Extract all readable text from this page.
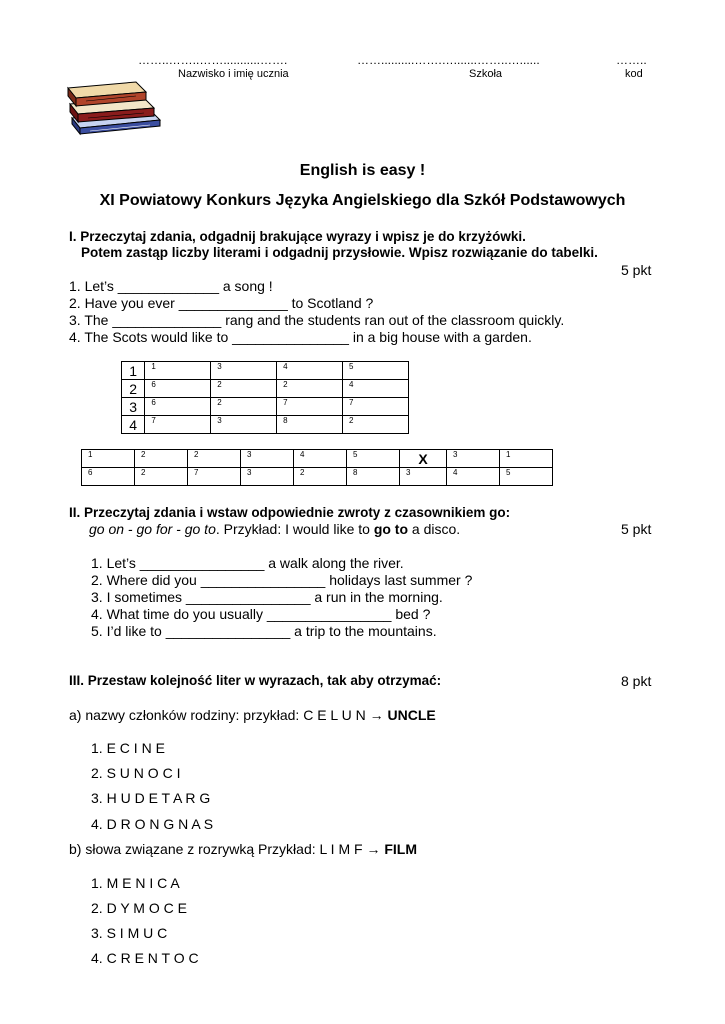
……..……..……...........…….	……..........…….….......……..…......	……..
Nazwisko i imię ucznia	Szkoła	kod
English is easy !
XI Powiatowy Konkurs Języka Angielskiego dla Szkół Podstawowych
I. Przeczytaj zdania, odgadnij brakujące wyrazy i wpisz je do krzyżówki.
Potem zastąp liczby literami i odgadnij przysłowie. Wpisz rozwiązanie do tabelki.
5 pkt
1. Let’s _____________ a song !
2. Have you ever ______________ to Scotland ?
3. The ______________ rang and the students ran out of the classroom quickly.
4. The Scots would like to _______________ in a big house with a garden.
1	1	3	4	5
2	6	2	2	4
3	6	2	7	7
4	7	3	8	2
1	2	2	3	4	5	X	3	1
6	2	7	3	2	8	3	4	5
II. Przeczytaj zdania i wstaw odpowiednie zwroty z czasownikiem go:
go on - go for - go to. Przykład: I would like to go to a disco.	5 pkt
1. Let’s ________________ a walk along the river.
2. Where did you ________________ holidays last summer ?
3. I sometimes ________________ a run in the morning.
4. What time do you usually ________________ bed ?
5. I’d like to ________________ a trip to the mountains.
III. Przestaw kolejność liter w wyrazach, tak aby otrzymać:	8 pkt
a) nazwy członków rodziny: przykład: C E L U N → UNCLE
1. E C I N E
2. S U N O C I
3. H U D E T A R G
4. D R O N G N A S
b) słowa związane z rozrywką Przykład: L I M F → FILM
1. M E N I C A
2. D Y M O C E
3. S I M U C
4. C R E N T O C
